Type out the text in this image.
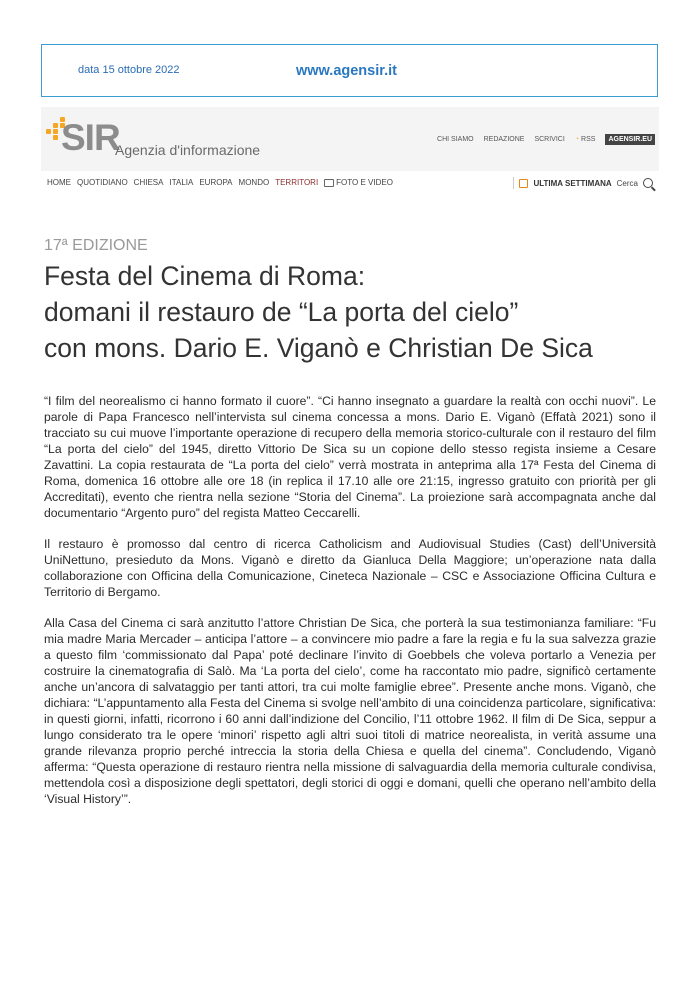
data 15 ottobre 2022	www.agensir.it
SIR
Agenzia d'informazione
CHI SIAMO REDAZIONE SCRIVICI ◔ RSS	AGENSIR.EU
HOME QUOTIDIANO CHIESA ITALIA EUROPA MONDO TERRITORI	FOTO E VIDEO	ULTIMA SETTIMANA Cerca
17ª EDIZIONE
Festa del Cinema di Roma:
domani il restauro de “La porta del cielo”
con mons. Dario E. Viganò e Christian De Sica

“I film del neorealismo ci hanno formato il cuore”. “Ci hanno insegnato a guardare la realtà con occhi nuovi”. Le parole di Papa Francesco nell’intervista sul cinema concessa a mons. Dario E. Viganò (Effatà 2021) sono il tracciato su cui muove l’importante operazione di recupero della memoria storico-culturale con il restauro del film “La porta del cielo” del 1945, diretto Vittorio De Sica su un copione dello stesso regista insieme a Cesare Zavattini. La copia restaurata de “La porta del cielo” verrà mostrata in anteprima alla 17ª Festa del Cinema di Roma, domenica 16 ottobre alle ore 18 (in replica il 17.10 alle ore 21:15, ingresso gratuito con priorità per gli Accreditati), evento che rientra nella sezione “Storia del Cinema”. La proiezione sarà accompagnata anche dal documentario “Argento puro” del regista Matteo Ceccarelli.

Il restauro è promosso dal centro di ricerca Catholicism and Audiovisual Studies (Cast) dell’Università UniNettuno, presieduto da Mons. Viganò e diretto da Gianluca Della Maggiore; un’operazione nata dalla collaborazione con Officina della Comunicazione, Cineteca Nazionale – CSC e Associazione Officina Cultura e Territorio di Bergamo.

Alla Casa del Cinema ci sarà anzitutto l’attore Christian De Sica, che porterà la sua testimonianza familiare: “Fu mia madre Maria Mercader – anticipa l’attore – a convincere mio padre a fare la regia e fu la sua salvezza grazie a questo film ‘commissionato dal Papa’ poté declinare l’invito di Goebbels che voleva portarlo a Venezia per costruire la cinematografia di Salò. Ma ‘La porta del cielo’, come ha raccontato mio padre, significò certamente anche un’ancora di salvataggio per tanti attori, tra cui molte famiglie ebree”. Presente anche mons. Viganò, che dichiara: “L’appuntamento alla Festa del Cinema si svolge nell’ambito di una coincidenza particolare, significativa: in questi giorni, infatti, ricorrono i 60 anni dall’indizione del Concilio, l’11 ottobre 1962. Il film di De Sica, seppur a lungo considerato tra le opere ‘minori’ rispetto agli altri suoi titoli di matrice neorealista, in verità assume una grande rilevanza proprio perché intreccia la storia della Chiesa e quella del cinema”. Concludendo, Viganò afferma: “Questa operazione di restauro rientra nella missione di salvaguardia della memoria culturale condivisa, mettendola così a disposizione degli spettatori, degli storici di oggi e domani, quelli che operano nell’ambito della ‘Visual History’”.
